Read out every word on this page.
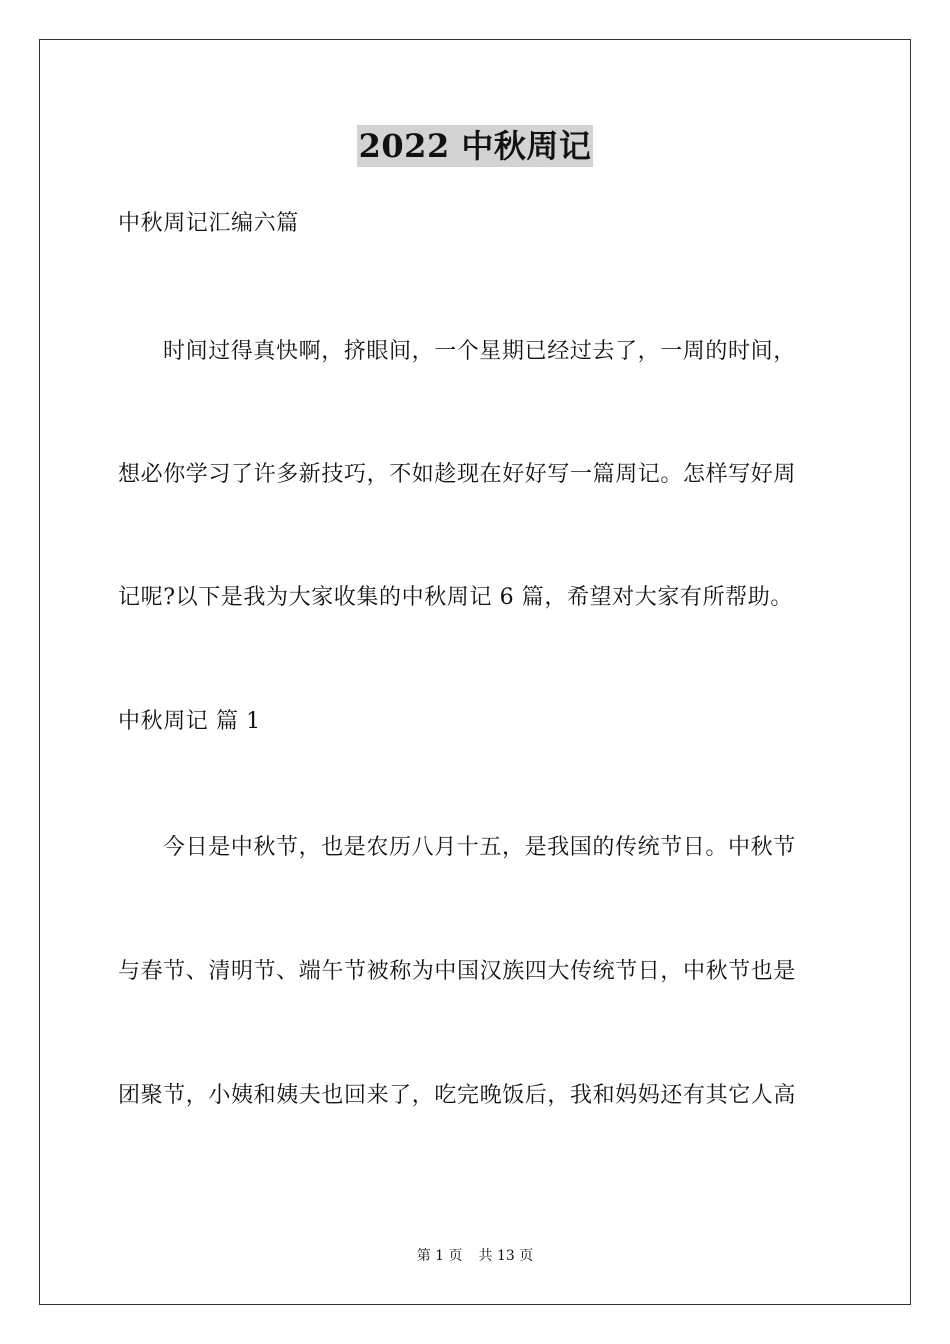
2022 中秋周记
中秋周记汇编六篇
时间过得真快啊，挤眼间，一个星期已经过去了，一周的时间，
想必你学习了许多新技巧，不如趁现在好好写一篇周记。怎样写好周
记呢?以下是我为大家收集的中秋周记 6 篇，希望对大家有所帮助。
中秋周记 篇 1
今日是中秋节，也是农历八月十五，是我国的传统节日。中秋节
与春节、清明节、端午节被称为中国汉族四大传统节日，中秋节也是
团聚节，小姨和姨夫也回来了，吃完晚饭后，我和妈妈还有其它人高
第 1 页 共 13 页
